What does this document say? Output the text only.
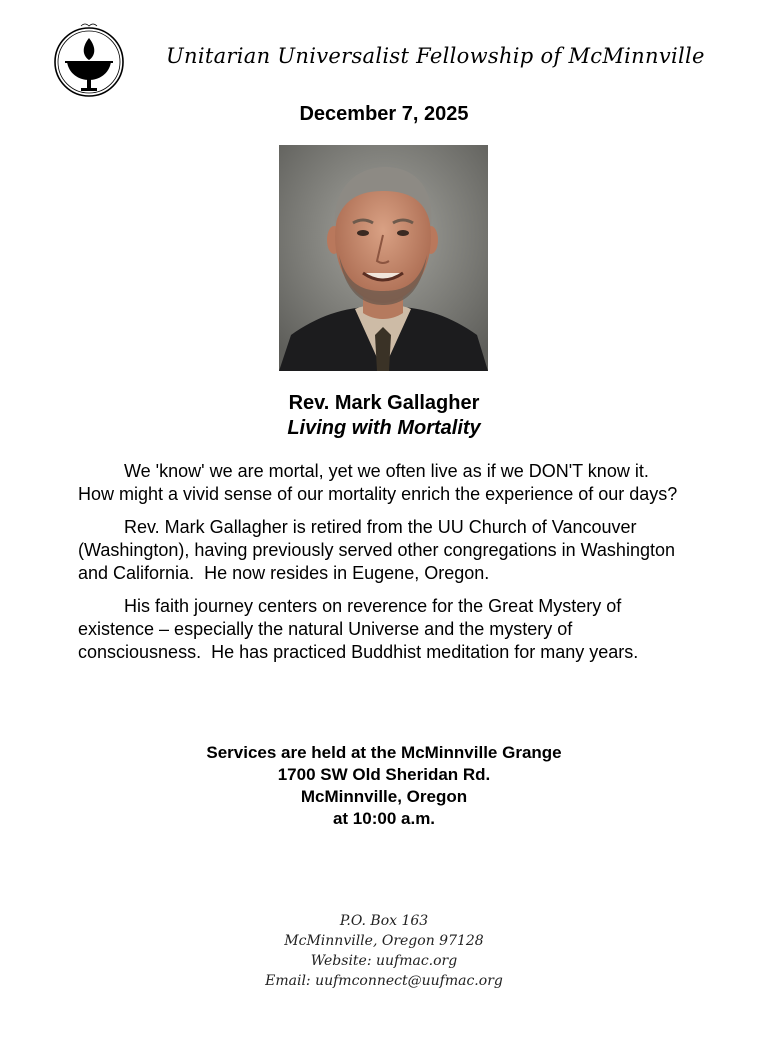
Unitarian Universalist Fellowship of McMinnville
December 7, 2025
Rev. Mark Gallagher
Living with Mortality

We 'know' we are mortal, yet we often live as if we DON'T know it.
How might a vivid sense of our mortality enrich the experience of our days?

Rev. Mark Gallagher is retired from the UU Church of Vancouver
(Washington), having previously served other congregations in Washington
and California.  He now resides in Eugene, Oregon.

His faith journey centers on reverence for the Great Mystery of
existence – especially the natural Universe and the mystery of
consciousness.  He has practiced Buddhist meditation for many years.

Services are held at the McMinnville Grange
1700 SW Old Sheridan Rd.
McMinnville, Oregon
at 10:00 a.m.
P.O. Box 163
McMinnville, Oregon 97128
Website: uufmac.org
Email: uufmconnect@uufmac.org
